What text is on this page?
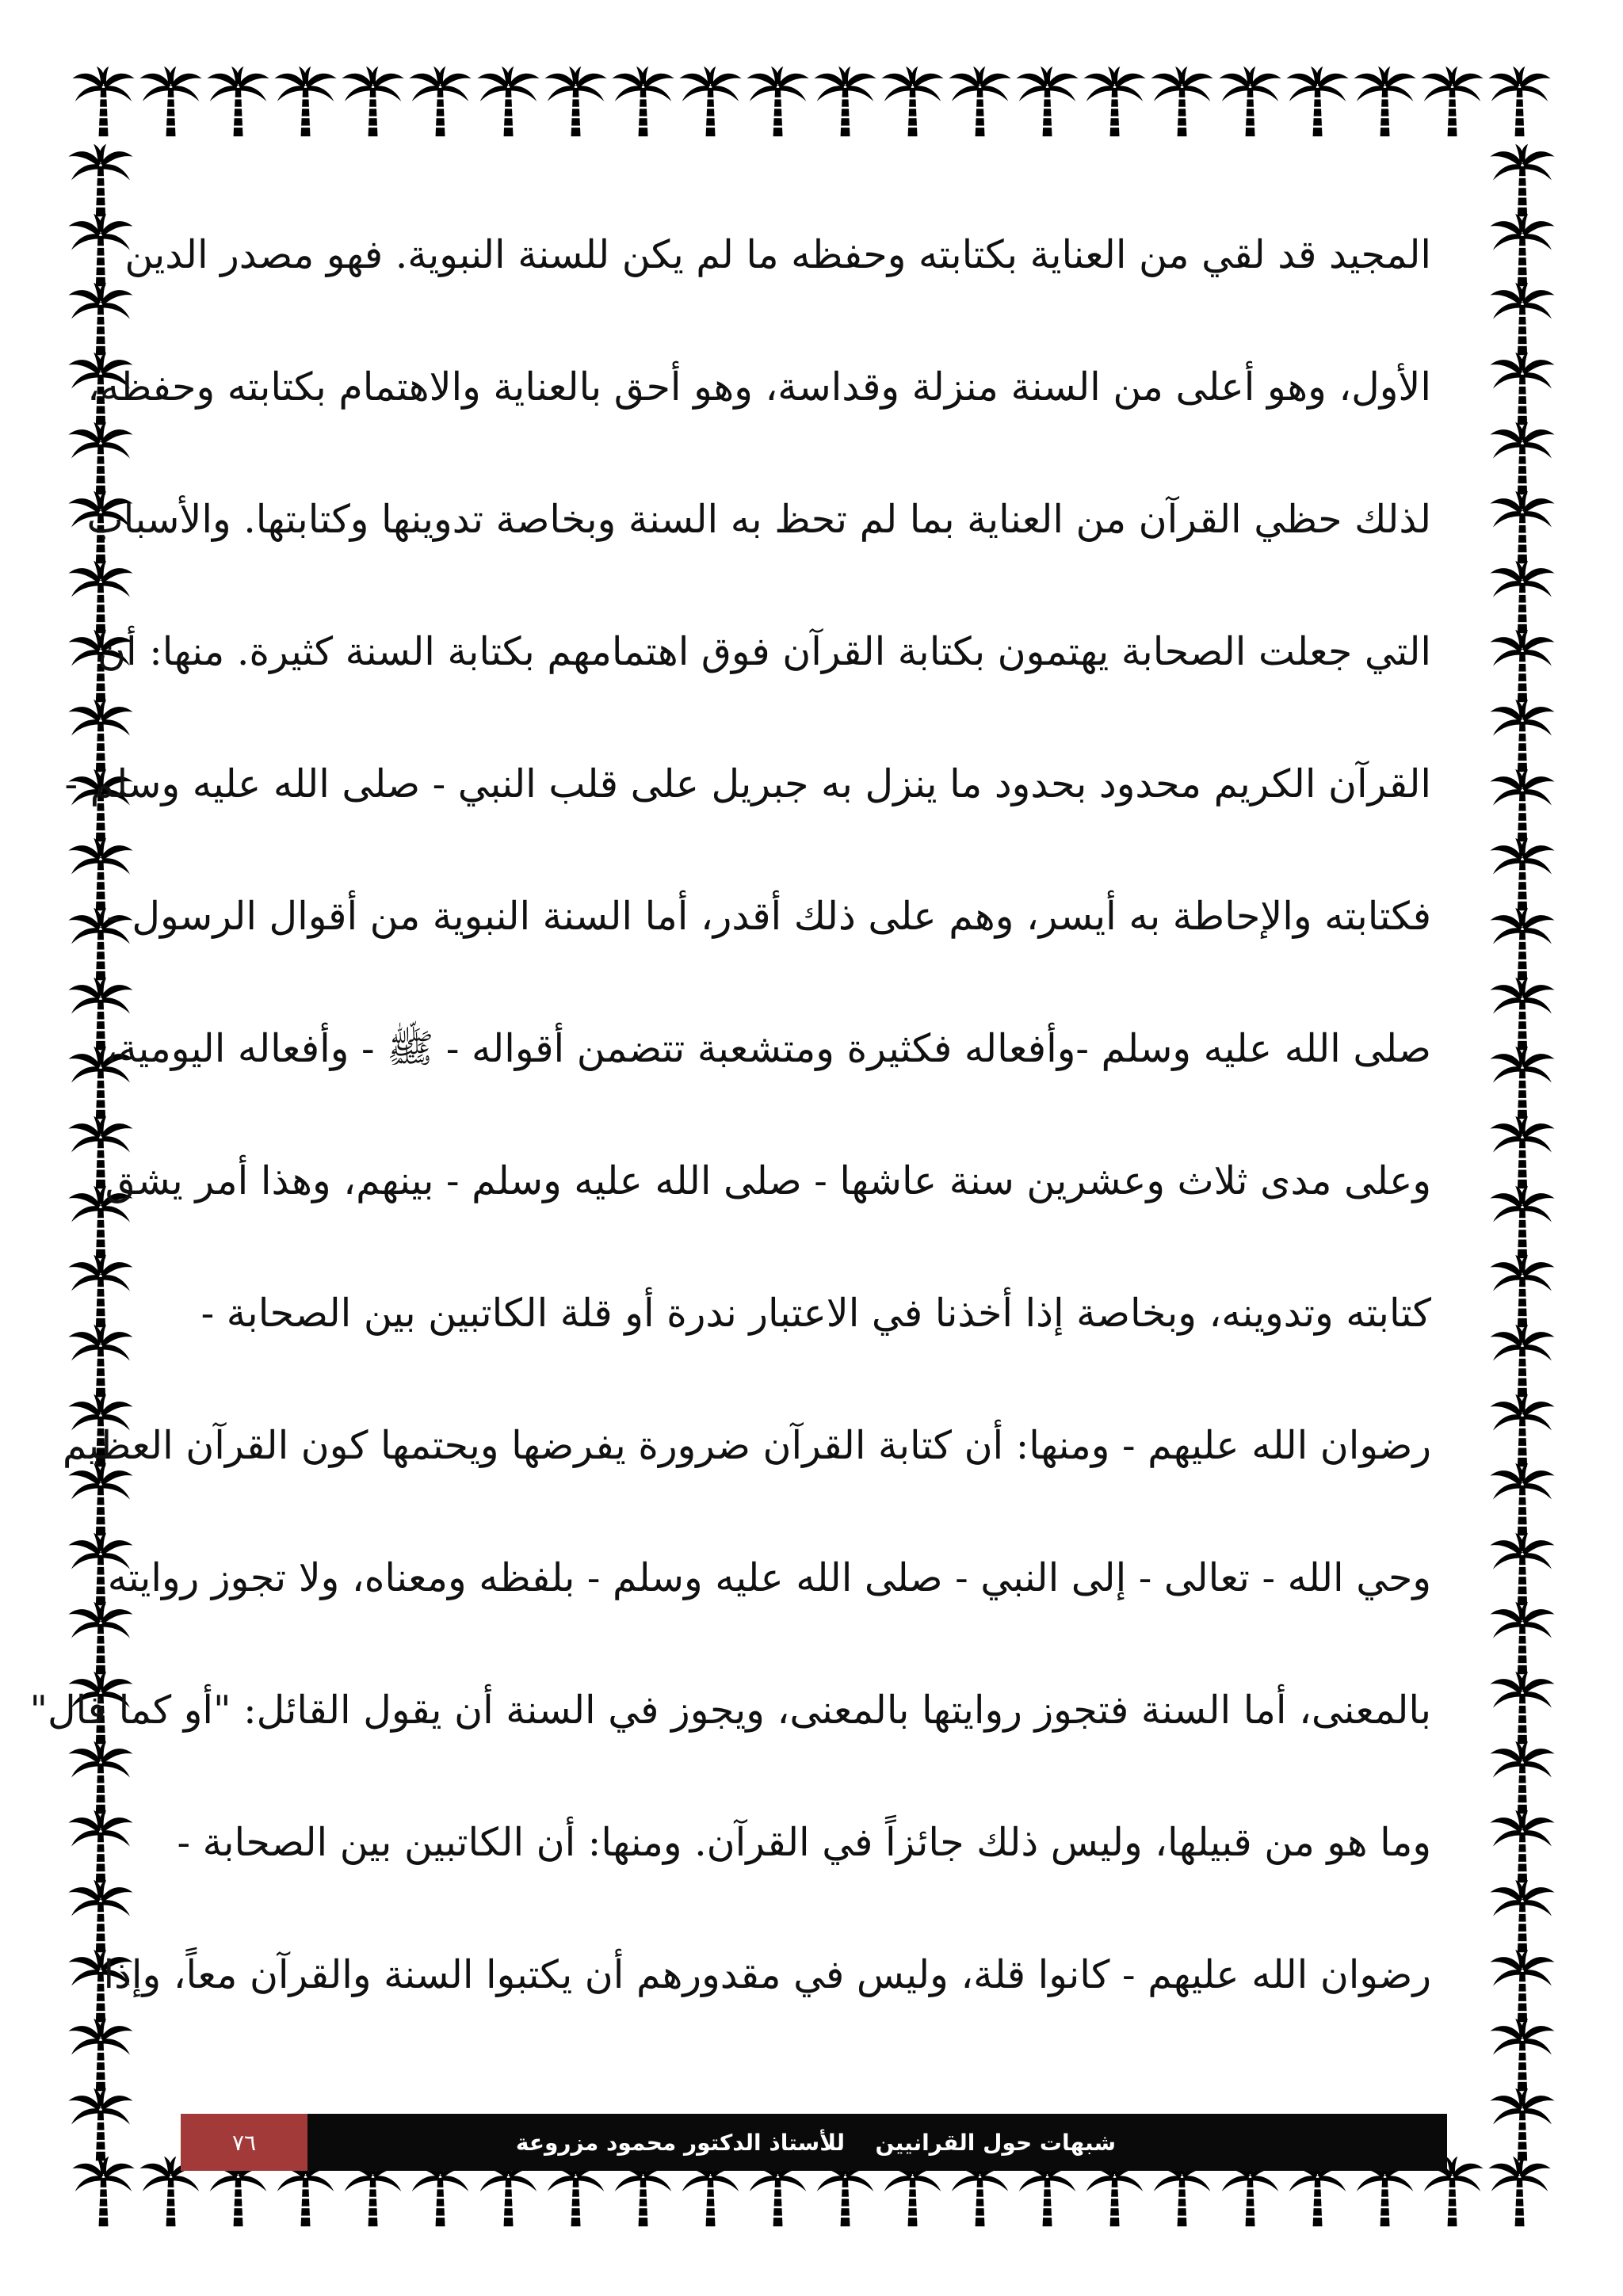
المجيد قد لقي من العناية بكتابته وحفظه ما لم يكن للسنة النبوية. فهو مصدر الدين
الأول، وهو أعلى من السنة منزلة وقداسة، وهو أحق بالعناية والاهتمام بكتابته وحفظه،
لذلك حظي القرآن من العناية بما لم تحظ به السنة وبخاصة تدوينها وكتابتها. والأسباب
التي جعلت الصحابة يهتمون بكتابة القرآن فوق اهتمامهم بكتابة السنة كثيرة. منها: أن
القرآن الكريم محدود بحدود ما ينزل به جبريل على قلب النبي - صلى الله عليه وسلم -
فكتابته والإحاطة به أيسر، وهم على ذلك أقدر، أما السنة النبوية من أقوال الرسول -
صلى الله عليه وسلم -وأفعاله فكثيرة ومتشعبة تتضمن أقواله - ﷺ - وأفعاله اليومية،
وعلى مدى ثلاث وعشرين سنة عاشها - صلى الله عليه وسلم - بينهم، وهذا أمر يشق
كتابته وتدوينه، وبخاصة إذا أخذنا في الاعتبار ندرة أو قلة الكاتبين بين الصحابة -
رضوان الله عليهم - ومنها: أن كتابة القرآن ضرورة يفرضها ويحتمها كون القرآن العظيم
وحي الله - تعالى - إلى النبي - صلى الله عليه وسلم - بلفظه ومعناه، ولا تجوز روايته
بالمعنى، أما السنة فتجوز روايتها بالمعنى، ويجوز في السنة أن يقول القائل: "أو كما قال"
وما هو من قبيلها، وليس ذلك جائزاً في القرآن. ومنها: أن الكاتبين بين الصحابة -
رضوان الله عليهم - كانوا قلة، وليس في مقدورهم أن يكتبوا السنة والقرآن معاً، وإذا
شبهات حول القرانيين
للأستاذ الدكتور محمود مزروعة
٧٦
